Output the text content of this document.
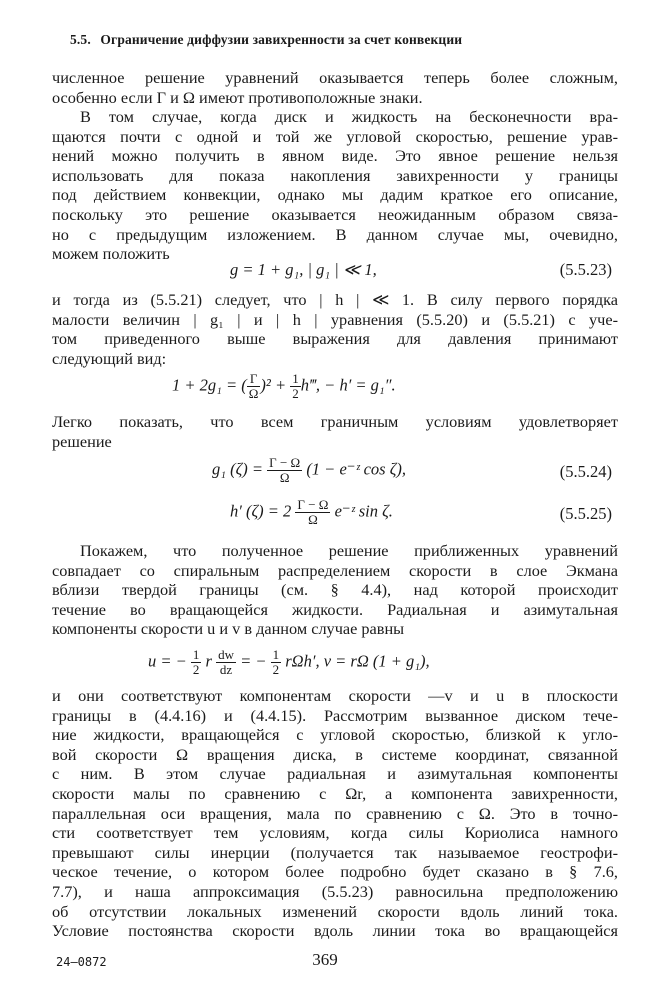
5.5. Ограничение диффузии завихренности за счет конвекции
численное решение уравнений оказывается теперь более сложным,
особенно если Γ и Ω имеют противоположные знаки.
В том случае, когда диск и жидкость на бесконечности вра-
щаются почти с одной и той же угловой скоростью, решение урав-
нений можно получить в явном виде. Это явное решение нельзя
использовать для показа накопления завихренности у границы
под действием конвекции, однако мы дадим краткое его описание,
поскольку это решение оказывается неожиданным образом связа-
но с предыдущим изложением. В данном случае мы, очевидно,
можем положить
g = 1 + g₁, | g₁ | ≪ 1,	(5.5.23)
и тогда из (5.5.21) следует, что | h | ≪ 1. В силу первого порядка
малости величин | g₁ | и | h | уравнения (5.5.20) и (5.5.21) с уче-
том приведенного выше выражения для давления принимают
следующий вид:
1 + 2g₁ = ( $\frac{\Gamma}{\Omega} )^2 + \frac{1}{2}$ h‴, − h′ = g₁″.
Легко показать, что всем граничным условиям удовлетворяет
решение
g₁ $(\zeta) = \frac{\Gamma - \Omega}{\Omega} (1$ − e⁻ᶻ cos ζ),	(5.5.24)
h′ $(\zeta) = 2 \frac{\Gamma - \Omega}{\Omega}$ e⁻ᶻ sin ζ.	(5.5.25)
Покажем, что полученное решение приближенных уравнений
совпадает со спиральным распределением скорости в слое Экмана
вблизи твердой границы (см. § 4.4), над которой происходит
течение во вращающейся жидкости. Радиальная и азимутальная
компоненты скорости u и v в данном случае равны
u = − $\frac{1}{2}$ r $\frac{dw}{dz}$ = − $\frac{1}{2} r\Omega h'$, v = rΩ (1 + g₁),
и они соответствуют компонентам скорости —v и u в плоскости
границы в (4.4.16) и (4.4.15). Рассмотрим вызванное диском тече-
ние жидкости, вращающейся с угловой скоростью, близкой к угло-
вой скорости Ω вращения диска, в системе координат, связанной
с ним. В этом случае радиальная и азимутальная компоненты
скорости малы по сравнению с Ωr, а компонента завихренности,
параллельная оси вращения, мала по сравнению с Ω. Это в точно-
сти соответствует тем условиям, когда силы Кориолиса намного
превышают силы инерции (получается так называемое геострофи-
ческое течение, о котором более подробно будет сказано в § 7.6,
7.7), и наша аппроксимация (5.5.23) равносильна предположению
об отсутствии локальных изменений скорости вдоль линий тока.
Условие постоянства скорости вдоль линии тока во вращающейся
24—0872	369
